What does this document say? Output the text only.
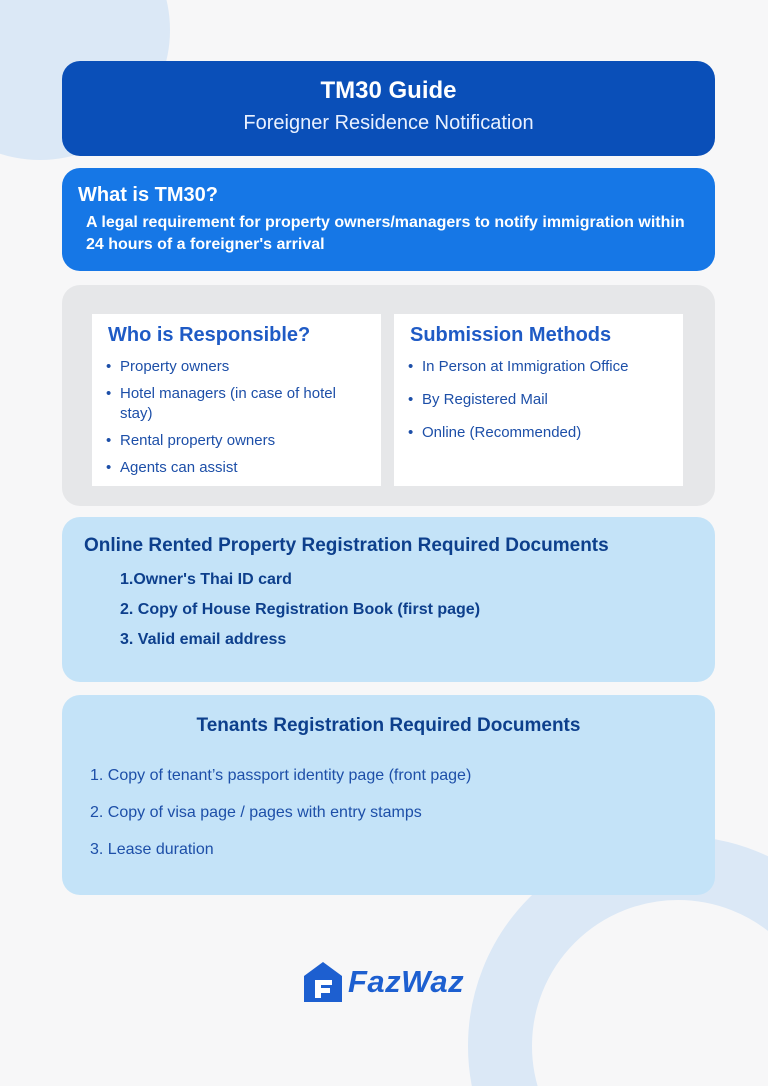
TM30 Guide
Foreigner Residence Notification
What is TM30?
A legal requirement for property owners/managers to notify immigration within 24 hours of a foreigner's arrival
Who is Responsible?
• Property owners
• Hotel managers (in case of hotel stay)
• Rental property owners
• Agents can assist
Submission Methods
• In Person at Immigration Office
• By Registered Mail
• Online (Recommended)
Online Rented Property Registration Required Documents
1.Owner's Thai ID card
2. Copy of House Registration Book (first page)
3. Valid email address
Tenants Registration Required Documents
1. Copy of tenant’s passport identity page (front page)
2. Copy of visa page / pages with entry stamps
3. Lease duration
FazWaz
